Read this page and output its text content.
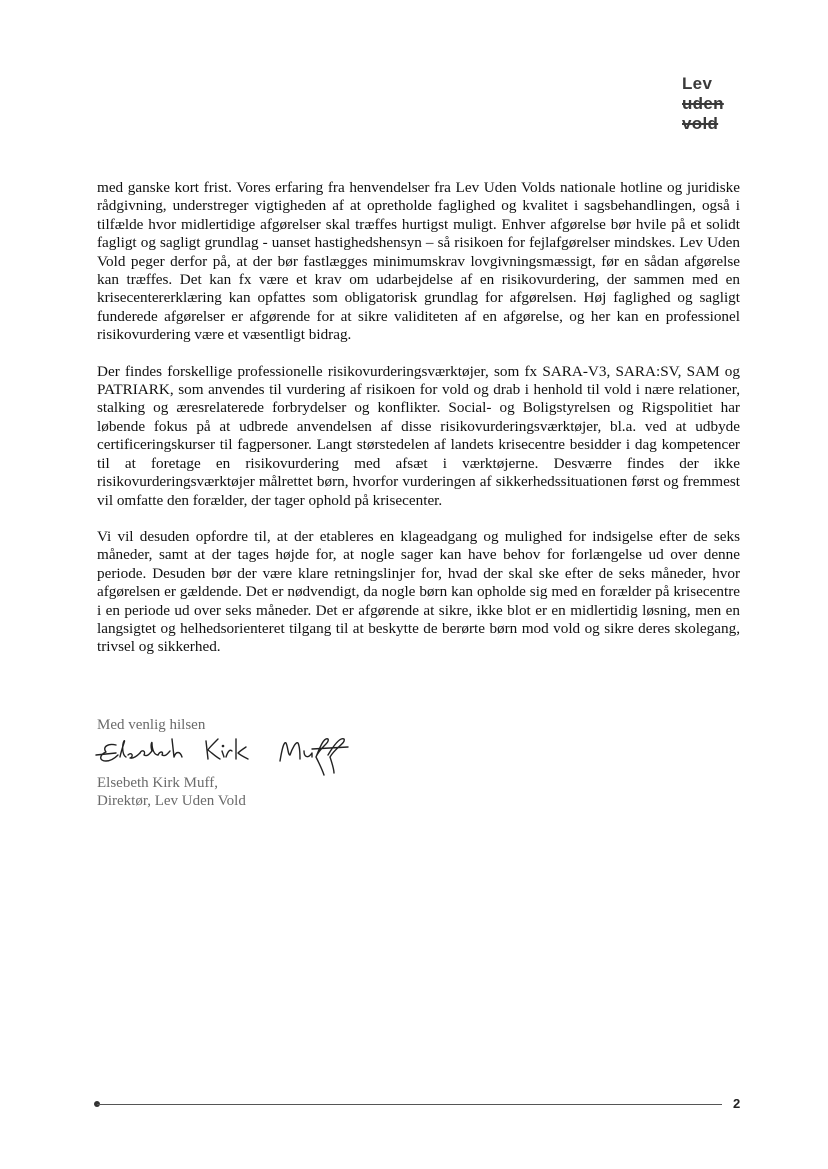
Lev
uden
vold

med ganske kort frist. Vores erfaring fra henvendelser fra Lev Uden Volds nationale hotline og juridiske rådgivning, understreger vigtigheden af at opretholde faglighed og kvalitet i sagsbehandlingen, også i tilfælde hvor midlertidige afgørelser skal træffes hurtigst muligt. Enhver afgørelse bør hvile på et solidt fagligt og sagligt grundlag - uanset hastighedshensyn – så risikoen for fejlafgørelser mindskes. Lev Uden Vold peger derfor på, at der bør fastlægges minimumskrav lovgivningsmæssigt, før en sådan afgørelse kan træffes. Det kan fx være et krav om udarbejdelse af en risikovurdering, der sammen med en krisecentererklæring kan opfattes som obligatorisk grundlag for afgørelsen. Høj faglighed og sagligt funderede afgørelser er afgørende for at sikre validiteten af en afgørelse, og her kan en professionel risikovurdering være et væsentligt bidrag.

Der findes forskellige professionelle risikovurderingsværktøjer, som fx SARA-V3, SARA:SV, SAM og PATRIARK, som anvendes til vurdering af risikoen for vold og drab i henhold til vold i nære relationer, stalking og æresrelaterede forbrydelser og konflikter. Social- og Boligstyrelsen og Rigspolitiet har løbende fokus på at udbrede anvendelsen af disse risikovurderingsværktøjer, bl.a. ved at udbyde certificeringskurser til fagpersoner. Langt størstedelen af landets krisecentre besidder i dag kompetencer til at foretage en risikovurdering med afsæt i værktøjerne. Desværre findes der ikke risikovurderingsværktøjer målrettet børn, hvorfor vurderingen af sikkerhedssituationen først og fremmest vil omfatte den forælder, der tager ophold på krisecenter.

Vi vil desuden opfordre til, at der etableres en klageadgang og mulighed for indsigelse efter de seks måneder, samt at der tages højde for, at nogle sager kan have behov for forlængelse ud over denne periode. Desuden bør der være klare retningslinjer for, hvad der skal ske efter de seks måneder, hvor afgørelsen er gældende. Det er nødvendigt, da nogle børn kan opholde sig med en forælder på krisecentre i en periode ud over seks måneder. Det er afgørende at sikre, ikke blot er en midlertidig løsning, men en langsigtet og helhedsorienteret tilgang til at beskytte de berørte børn mod vold og sikre deres skolegang, trivsel og sikkerhed.

Med venlig hilsen
Elsebeth Kirk Muff,
Direktør, Lev Uden Vold
2
